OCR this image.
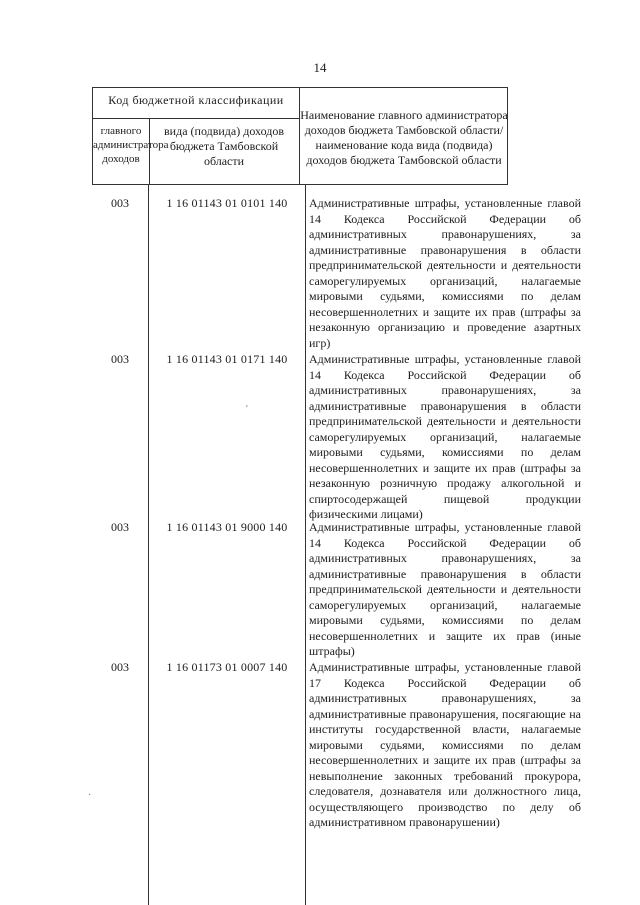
14
Код бюджетной классификации
главного администратора доходов
вида (подвида) доходов бюджета Тамбовской области
Наименование главного администратора доходов бюджета Тамбовской области/наименование кода вида (подвида) доходов бюджета Тамбовской области
003	1 16 01143 01 0101 140	Административные штрафы, установленные главой 14 Кодекса Российской Федерации об административных правонарушениях, за административные правонарушения в области предпринимательской деятельности и деятельности саморегулируемых организаций, налагаемые мировыми судьями, комиссиями по делам несовершеннолетних и защите их прав (штрафы за незаконную организацию и проведение азартных игр)
003	1 16 01143 01 0171 140	Административные штрафы, установленные главой 14 Кодекса Российской Федерации об административных правонарушениях, за административные правонарушения в области предпринимательской деятельности и деятельности саморегулируемых организаций, налагаемые мировыми судьями, комиссиями по делам несовершеннолетних и защите их прав (штрафы за незаконную розничную продажу алкогольной и спиртосодержащей пищевой продукции физическими лицами)
003	1 16 01143 01 9000 140	Административные штрафы, установленные главой 14 Кодекса Российской Федерации об административных правонарушениях, за административные правонарушения в области предпринимательской деятельности и деятельности саморегулируемых организаций, налагаемые мировыми судьями, комиссиями по делам несовершеннолетних и защите их прав (иные штрафы)
003	1 16 01173 01 0007 140	Административные штрафы, установленные главой 17 Кодекса Российской Федерации об административных правонарушениях, за административные правонарушения, посягающие на институты государственной власти, налагаемые мировыми судьями, комиссиями по делам несовершеннолетних и защите их прав (штрафы за невыполнение законных требований прокурора, следователя, дознавателя или должностного лица, осуществляющего производство по делу об административном правонарушении)
'
·
